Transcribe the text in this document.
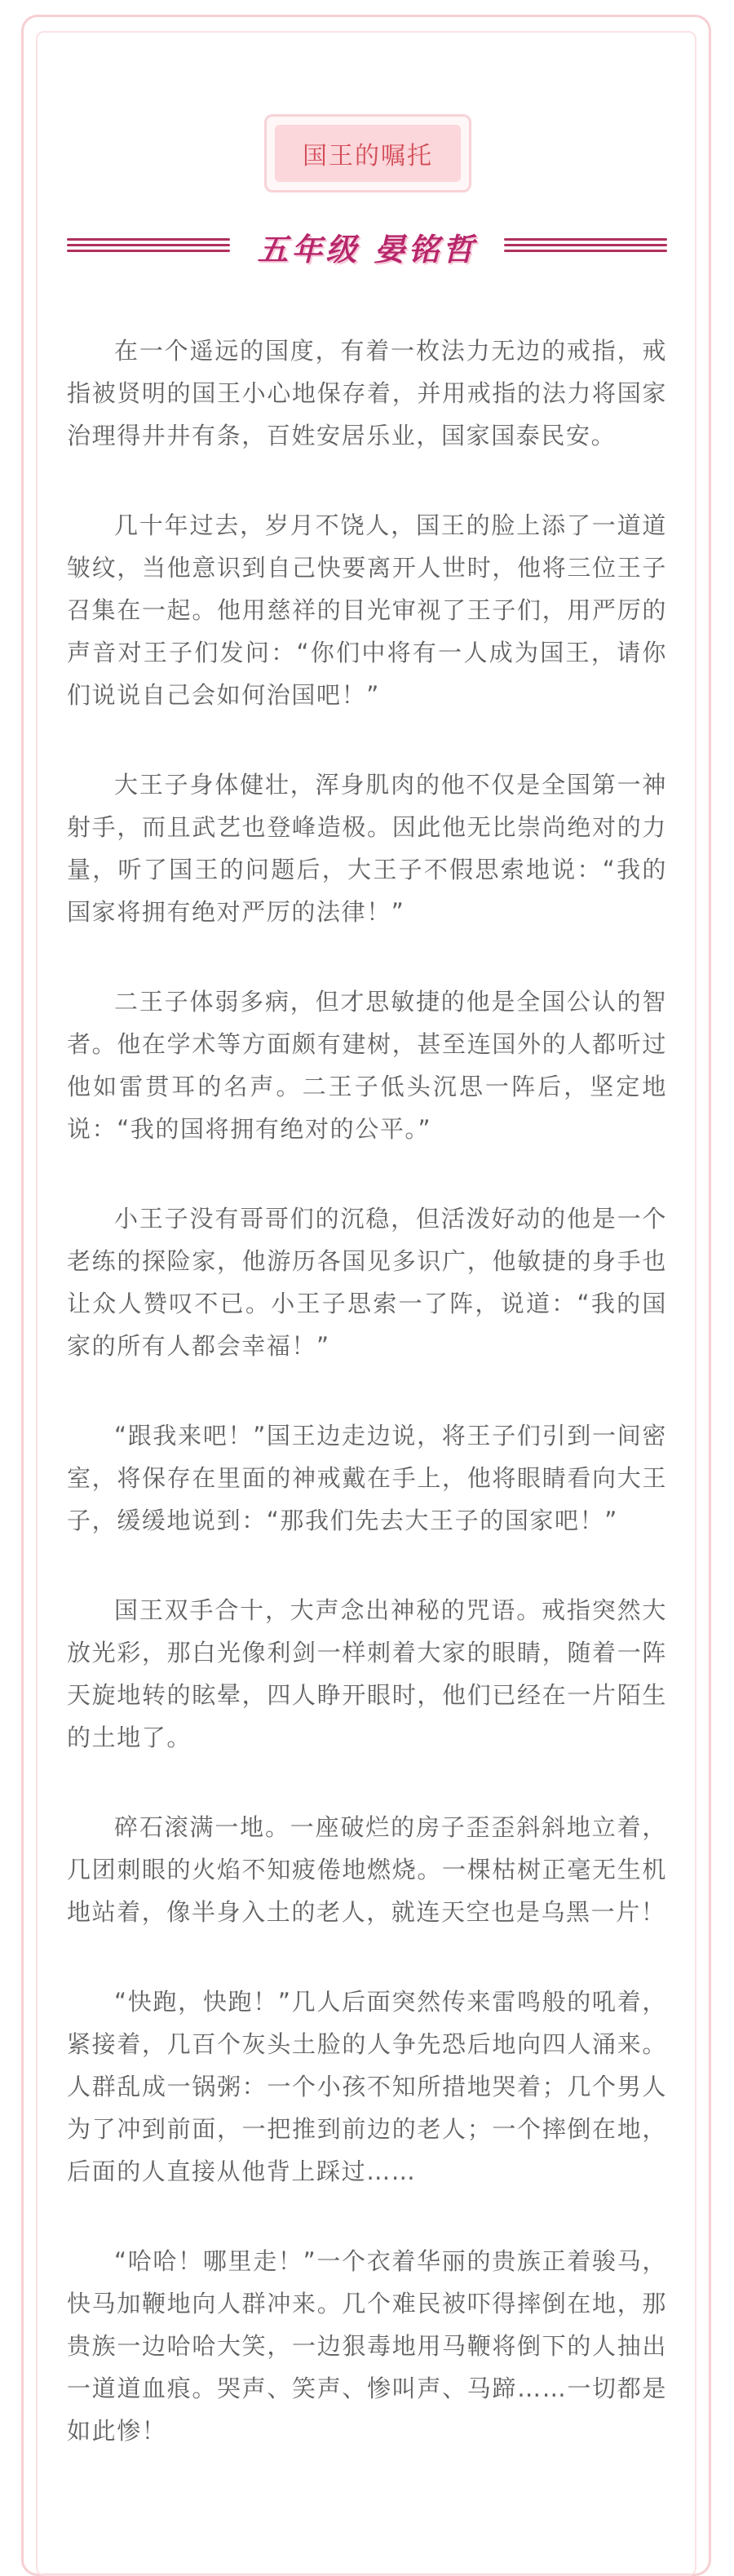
国王的嘱托
五年级 晏铭哲

在一个遥远的国度，有着一枚法力无边的戒指，戒指被贤明的国王小心地保存着，并用戒指的法力将国家治理得井井有条，百姓安居乐业，国家国泰民安。

几十年过去，岁月不饶人，国王的脸上添了一道道皱纹，当他意识到自己快要离开人世时，他将三位王子召集在一起。他用慈祥的目光审视了王子们，用严厉的声音对王子们发问：“你们中将有一人成为国王，请你们说说自己会如何治国吧！”

大王子身体健壮，浑身肌肉的他不仅是全国第一神射手，而且武艺也登峰造极。因此他无比崇尚绝对的力量，听了国王的问题后，大王子不假思索地说：“我的国家将拥有绝对严厉的法律！”

二王子体弱多病，但才思敏捷的他是全国公认的智者。他在学术等方面颇有建树，甚至连国外的人都听过他如雷贯耳的名声。二王子低头沉思一阵后，坚定地说：“我的国将拥有绝对的公平。”

小王子没有哥哥们的沉稳，但活泼好动的他是一个老练的探险家，他游历各国见多识广，他敏捷的身手也让众人赞叹不已。小王子思索一了阵，说道：“我的国家的所有人都会幸福！”

“跟我来吧！”国王边走边说，将王子们引到一间密室，将保存在里面的神戒戴在手上，他将眼睛看向大王子，缓缓地说到：“那我们先去大王子的国家吧！”

国王双手合十，大声念出神秘的咒语。戒指突然大放光彩，那白光像利剑一样刺着大家的眼睛，随着一阵天旋地转的眩晕，四人睁开眼时，他们已经在一片陌生的土地了。

碎石滚满一地。一座破烂的房子歪歪斜斜地立着，几团刺眼的火焰不知疲倦地燃烧。一棵枯树正毫无生机地站着，像半身入土的老人，就连天空也是乌黑一片！

“快跑，快跑！”几人后面突然传来雷鸣般的吼着，紧接着，几百个灰头土脸的人争先恐后地向四人涌来。人群乱成一锅粥：一个小孩不知所措地哭着；几个男人为了冲到前面，一把推到前边的老人；一个摔倒在地，后面的人直接从他背上踩过……

“哈哈！哪里走！”一个衣着华丽的贵族正着骏马，快马加鞭地向人群冲来。几个难民被吓得摔倒在地，那贵族一边哈哈大笑，一边狠毒地用马鞭将倒下的人抽出一道道血痕。哭声、笑声、惨叫声、马蹄……一切都是如此惨！
